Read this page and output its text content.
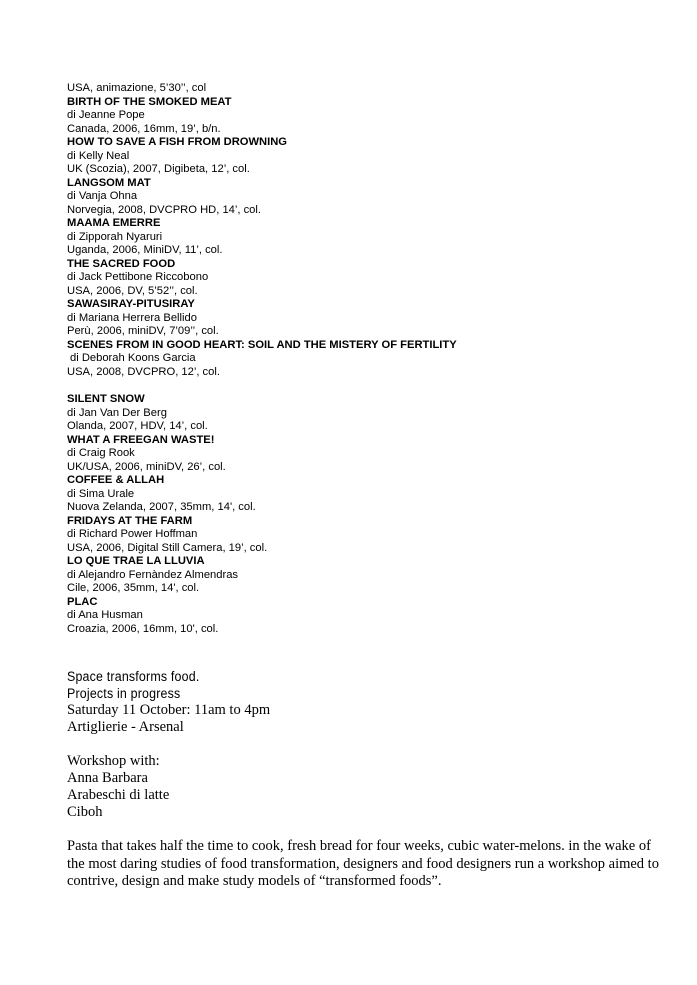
USA, animazione, 5’30’’, col
BIRTH OF THE SMOKED MEAT
di Jeanne Pope
Canada, 2006, 16mm, 19’, b/n.
HOW TO SAVE A FISH FROM DROWNING
di Kelly Neal
UK (Scozia), 2007, Digibeta, 12’, col.
LANGSOM MAT
di Vanja Ohna
Norvegia, 2008, DVCPRO HD, 14’, col.
MAAMA EMERRE
di Zipporah Nyaruri
Uganda, 2006, MiniDV, 11’, col.
THE SACRED FOOD
di Jack Pettibone Riccobono
USA, 2006, DV, 5’52’’, col.
SAWASIRAY-PITUSIRAY
di Mariana Herrera Bellido
Perù, 2006, miniDV, 7’09’’, col.
SCENES FROM IN GOOD HEART: SOIL AND THE MISTERY OF FERTILITY
di Deborah Koons Garcia
USA, 2008, DVCPRO, 12’, col.
SILENT SNOW
di Jan Van Der Berg
Olanda, 2007, HDV, 14’, col.
WHAT A FREEGAN WASTE!
di Craig Rook
UK/USA, 2006, miniDV, 26’, col.
COFFEE & ALLAH
di Sima Urale
Nuova Zelanda, 2007, 35mm, 14', col.
FRIDAYS AT THE FARM
di Richard Power Hoffman
USA, 2006, Digital Still Camera, 19’, col.
LO QUE TRAE LA LLUVIA
di Alejandro Fernàndez Almendras
Cile, 2006, 35mm, 14', col.
PLAC
di Ana Husman
Croazia, 2006, 16mm, 10', col.
Space transforms food.
Projects in progress
Saturday 11 October: 11am to 4pm
Artiglierie - Arsenal
Workshop with:
Anna Barbara
Arabeschi di latte
Ciboh
Pasta that takes half the time to cook, fresh bread for four weeks, cubic water-melons. in the wake of the most daring studies of food transformation, designers and food designers run a workshop aimed to contrive, design and make study models of “transformed foods”.
